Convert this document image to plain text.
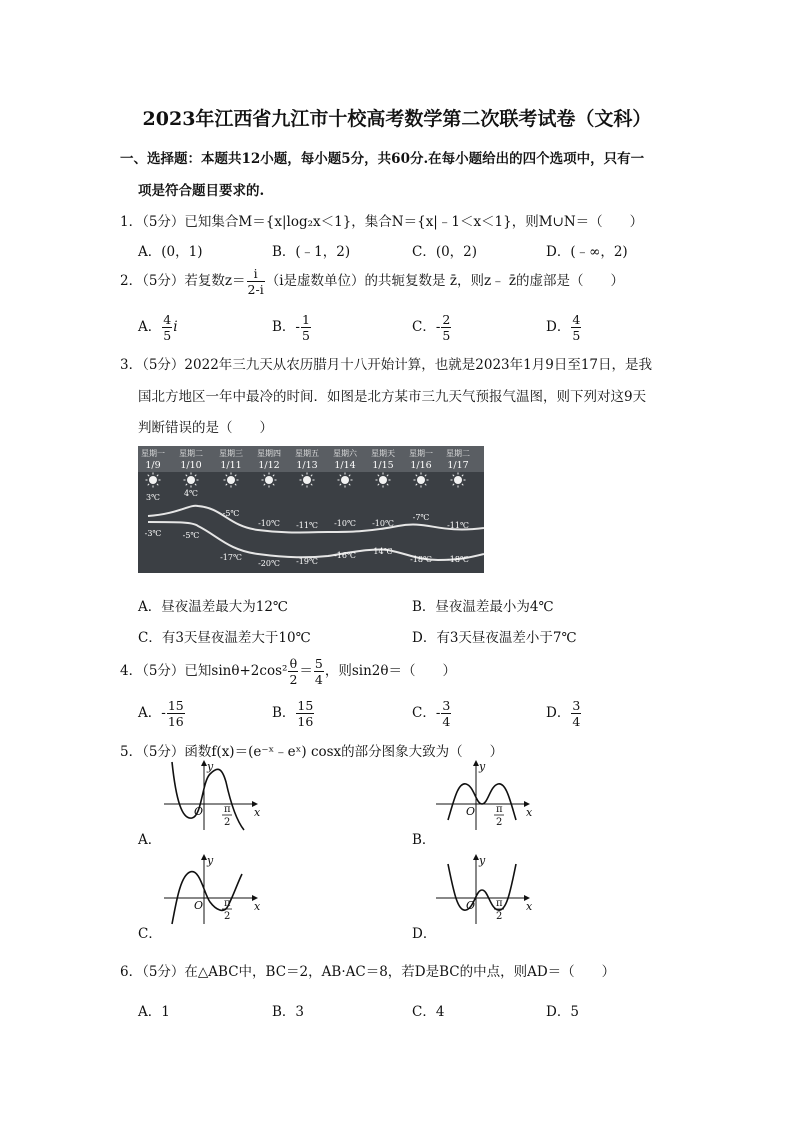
2023年江西省九江市十校高考数学第二次联考试卷（文科）
一、选择题：本题共12小题，每小题5分，共60分.在每小题给出的四个选项中，只有一
项是符合题目要求的.
1．（5分）已知集合M＝{x|log₂x＜1}，集合N＝{x|﹣1＜x＜1}，则M∪N＝（　　）
A．(0，1)	B．(﹣1，2)	C．(0，2)	D．(﹣∞，2)
2．（5分）若复数$z= \frac{i}{2-i} (i$是虚数单位）的共轭复数是 z̄，则z﹣ z̄的虚部是（　　）
A． $\frac{4}{5}$ i	B．- $\frac{1}{5}$	C．- $\frac{2}{5}$	D． $\frac{4}{5}$
3．（5分）2022年三九天从农历腊月十八开始计算，也就是2023年1月9日至17日，是我
国北方地区一年中最冷的时间．如图是北方某市三九天气预报气温图，则下列对这9天
判断错误的是（　　）
星期一
1/9
星期二
1/10
星期三
1/11
星期四
1/12
星期五
1/13
星期六
1/14
星期天
1/15
星期一
1/16
星期二
1/17
3℃
-3℃
4℃
-5℃
-5℃
-17℃
-10℃
-20℃
-11℃
-19℃
-10℃
-16℃
-10℃
14℃
-7℃
-18℃
-11℃
-18℃
A．昼夜温差最大为12℃	B．昼夜温差最小为4℃
C．有3天昼夜温差大于10℃	D．有3天昼夜温差小于7℃
4．（5分）已知$\sin\theta+2\cos^2 \frac{\theta}{2} = \frac{5}{4}$ ，则sin2θ＝（　　）
A．- $\frac{15}{16}$	B． $\frac{15}{16}$	C．- $\frac{3}{4}$	D． $\frac{3}{4}$
5．（5分）函数f(x)＝(e⁻ˣ﹣eˣ) cosx的部分图象大致为（　　）
A．	B．
C．	D．
y
x
O π
2
y
x
O π
2
y
x
O π
2
y
x
O π
2
6．（5分）在△ABC中，BC＝2，AB·AC＝8，若D是BC的中点，则AD＝（　　）
A．1	B．3	C．4	D．5
